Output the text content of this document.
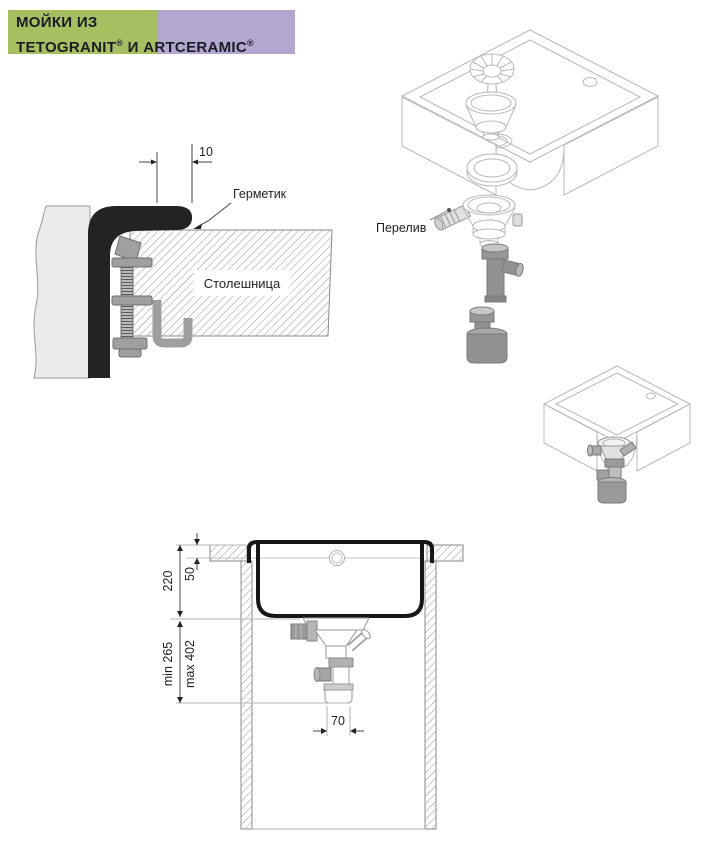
МОЙКИ ИЗ
TETOGRANIT® И ARTCERAMIC®
Столешница
10
Герметик
Перелив
220 50
min 265 max 402
70
